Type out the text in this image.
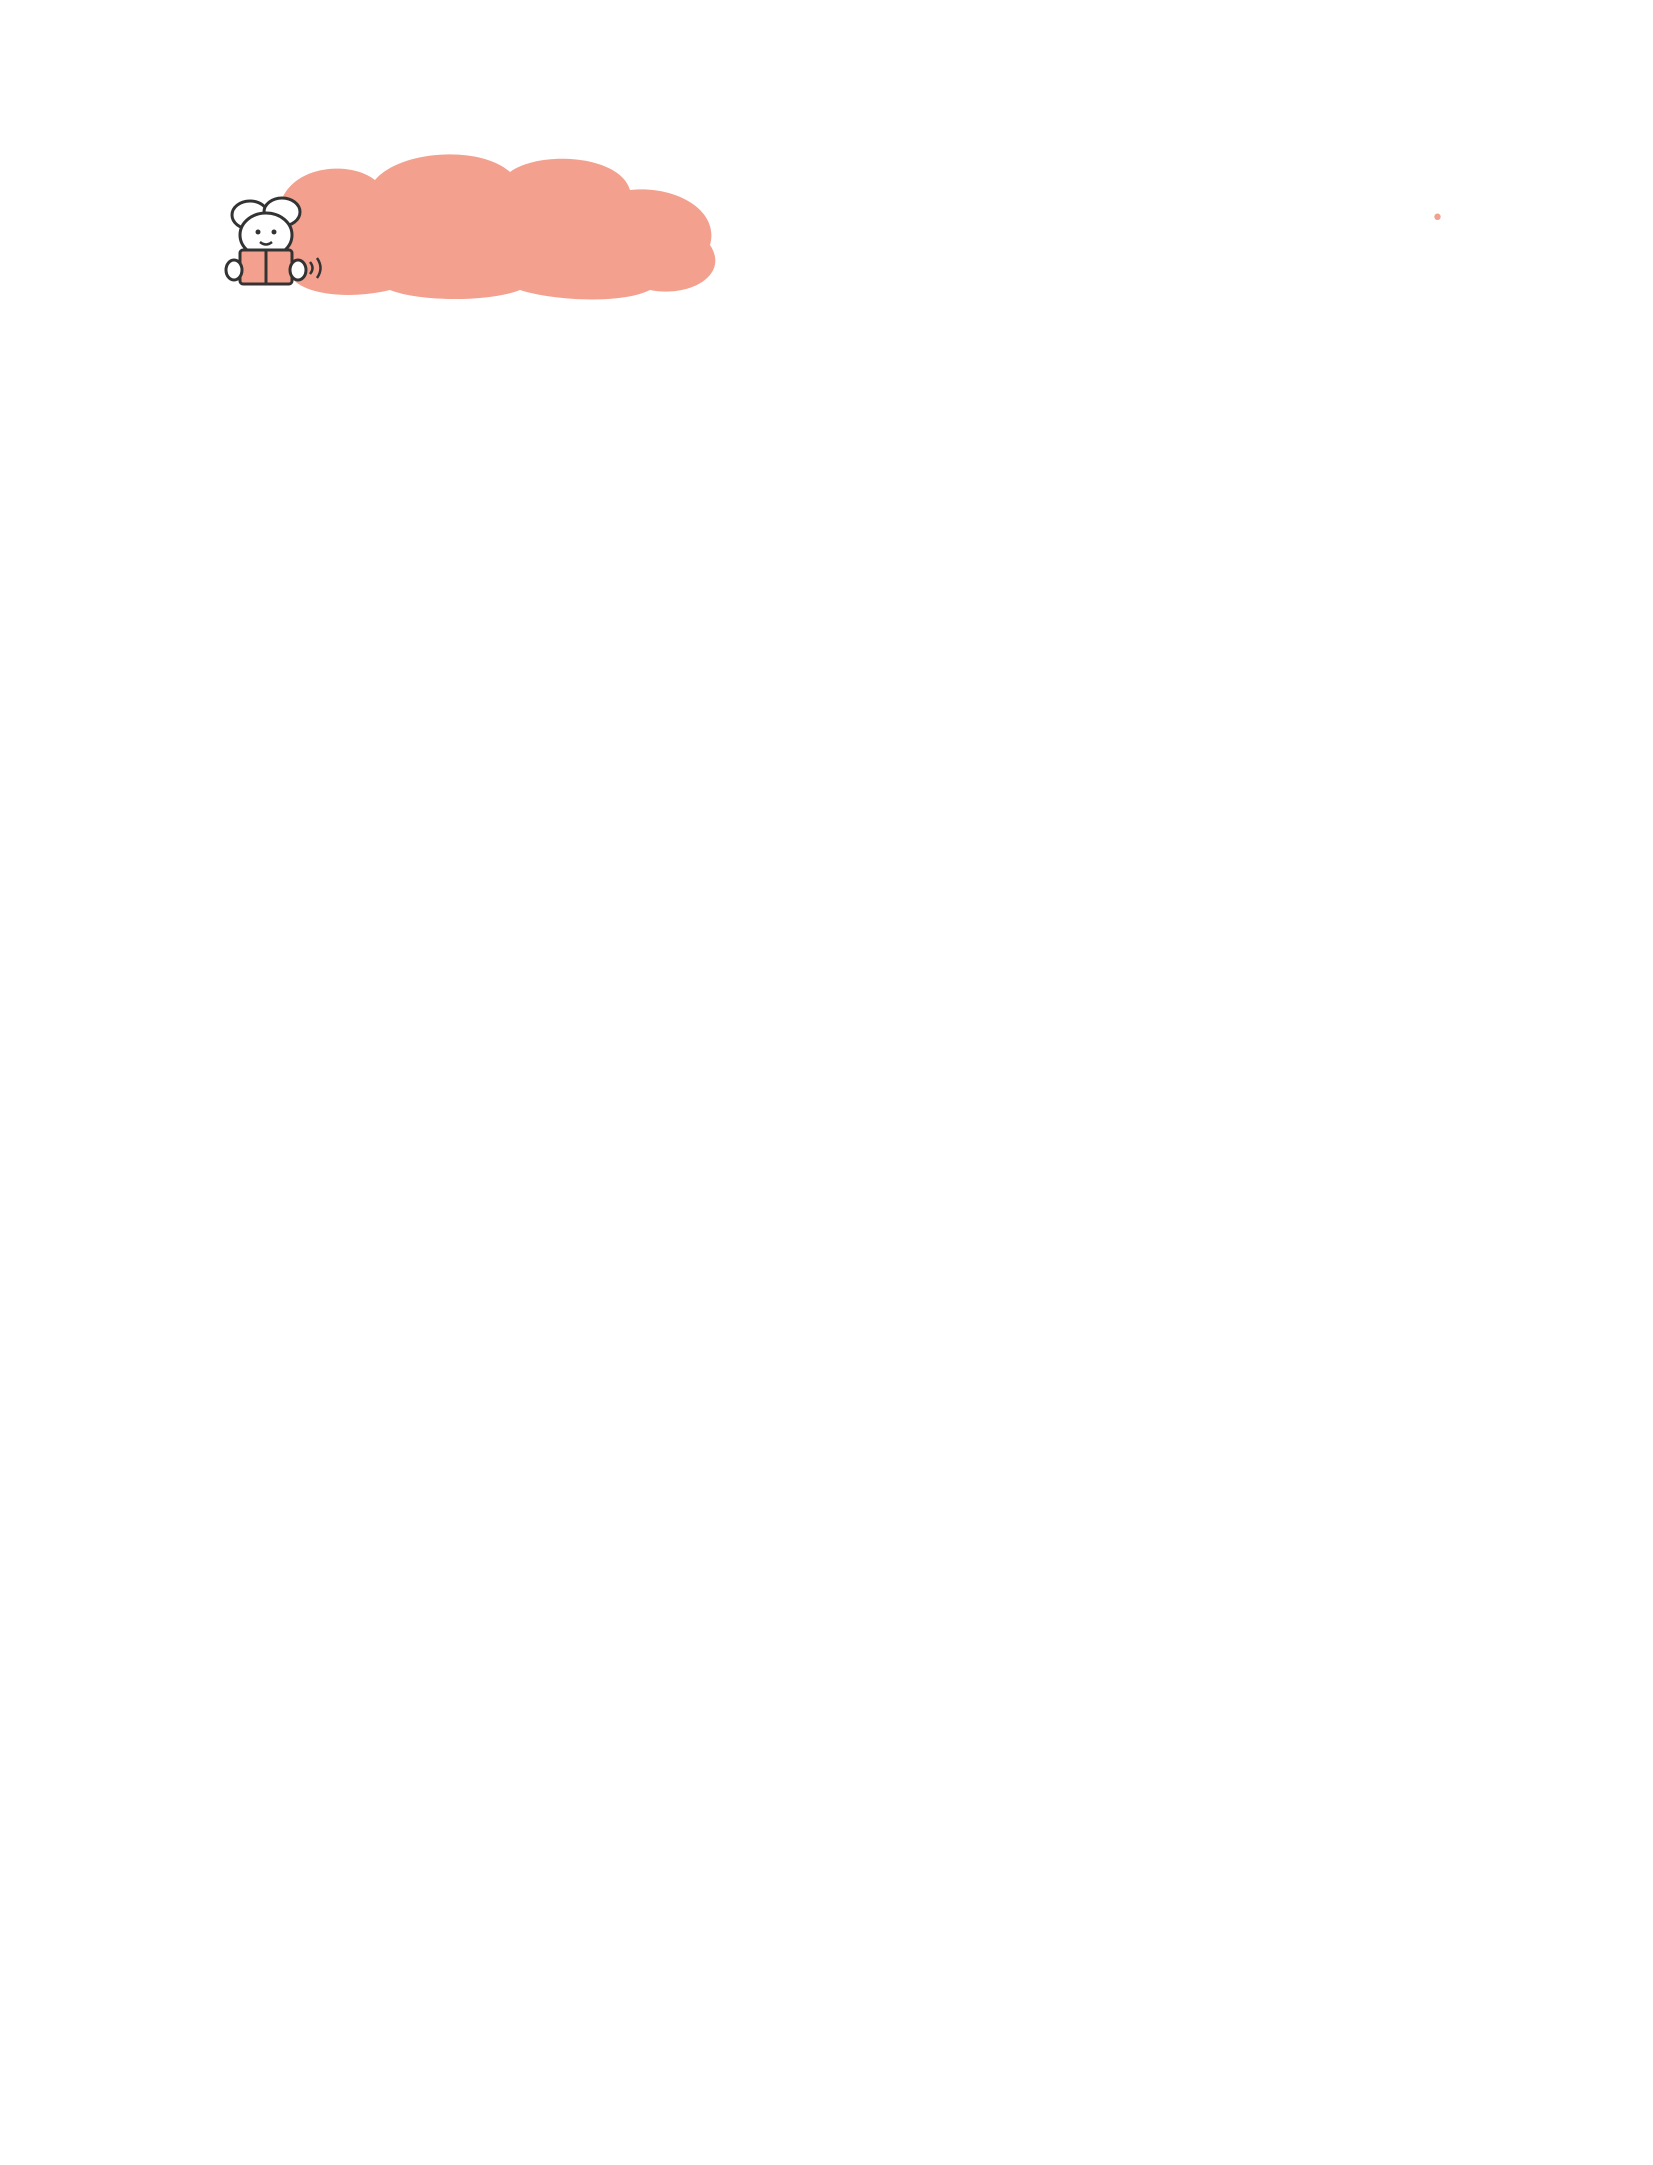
•
